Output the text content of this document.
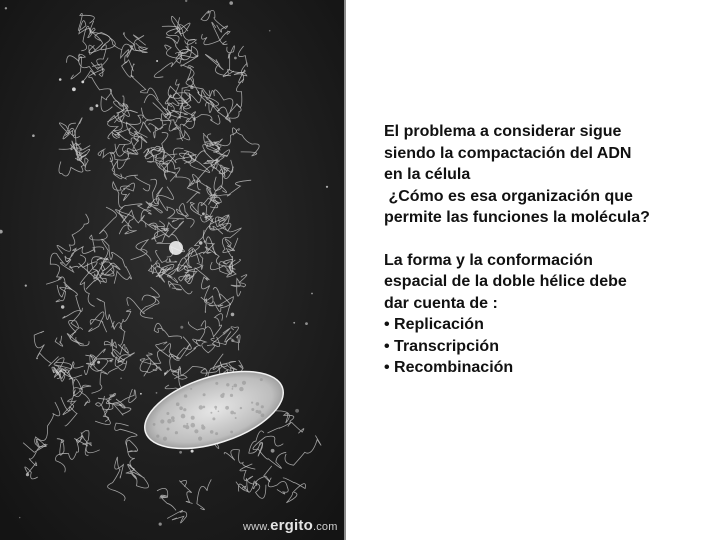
www.ergito.com
El problema a considerar sigue
siendo la compactación del ADN
en la célula
¿Cómo es esa organización que
permite las funciones la molécula?
La forma y la conformación
espacial de la doble hélice debe
dar cuenta de :
• Replicación
• Transcripción
• Recombinación
